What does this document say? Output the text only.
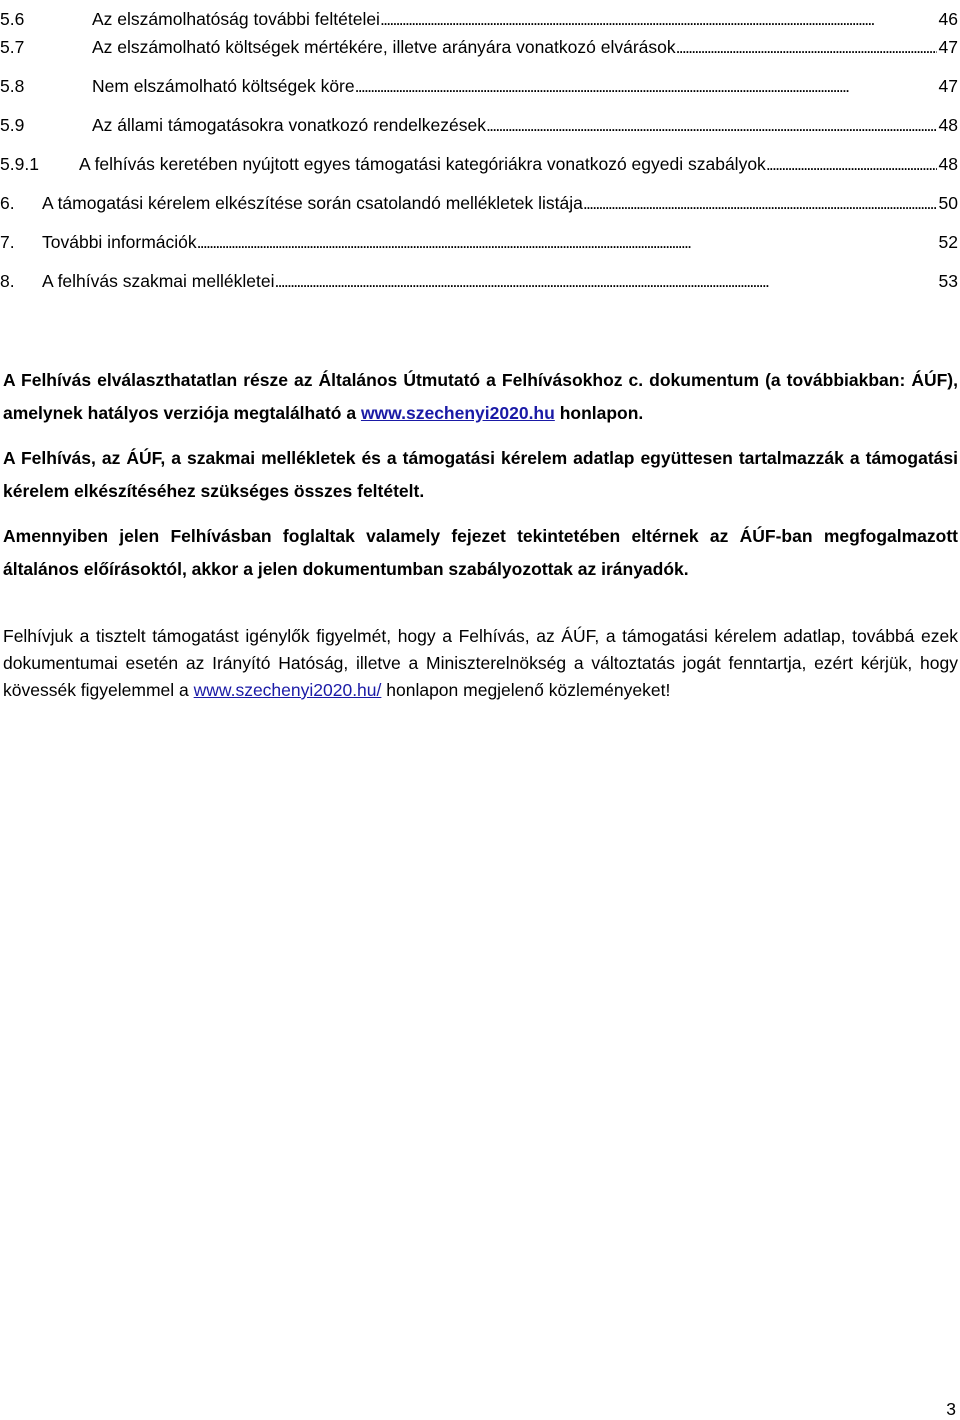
5.6	Az elszámolhatóság további feltételei . . .	46
5.7	Az elszámolható költségek mértékére, illetve arányára vonatkozó elvárások . . .	47
5.8	Nem elszámolható költségek köre . . .	47
5.9	Az állami támogatásokra vonatkozó rendelkezések . . .	48
5.9.1	A felhívás keretében nyújtott egyes támogatási kategóriákra vonatkozó egyedi szabályok . . .	48
6.	A támogatási kérelem elkészítése során csatolandó mellékletek listája . . .	50
7.	További információk . . .	52
8.	A felhívás szakmai mellékletei . . .	53

A Felhívás elválaszthatatlan része az Általános Útmutató a Felhívásokhoz c. dokumentum (a továbbiakban: ÁÚF), amelynek hatályos verziója megtalálható a www.szechenyi2020.hu honlapon.

A Felhívás, az ÁÚF, a szakmai mellékletek és a támogatási kérelem adatlap együttesen tartalmazzák a támogatási kérelem elkészítéséhez szükséges összes feltételt.

Amennyiben jelen Felhívásban foglaltak valamely fejezet tekintetében eltérnek az ÁÚF-ban megfogalmazott általános előírásoktól, akkor a jelen dokumentumban szabályozottak az irányadók.

Felhívjuk a tisztelt támogatást igénylők figyelmét, hogy a Felhívás, az ÁÚF, a támogatási kérelem adatlap, továbbá ezek dokumentumai esetén az Irányító Hatóság, illetve a Miniszterelnökség a változtatás jogát fenntartja, ezért kérjük, hogy kövessék figyelemmel a www.szechenyi2020.hu/ honlapon megjelenő közleményeket!

3
